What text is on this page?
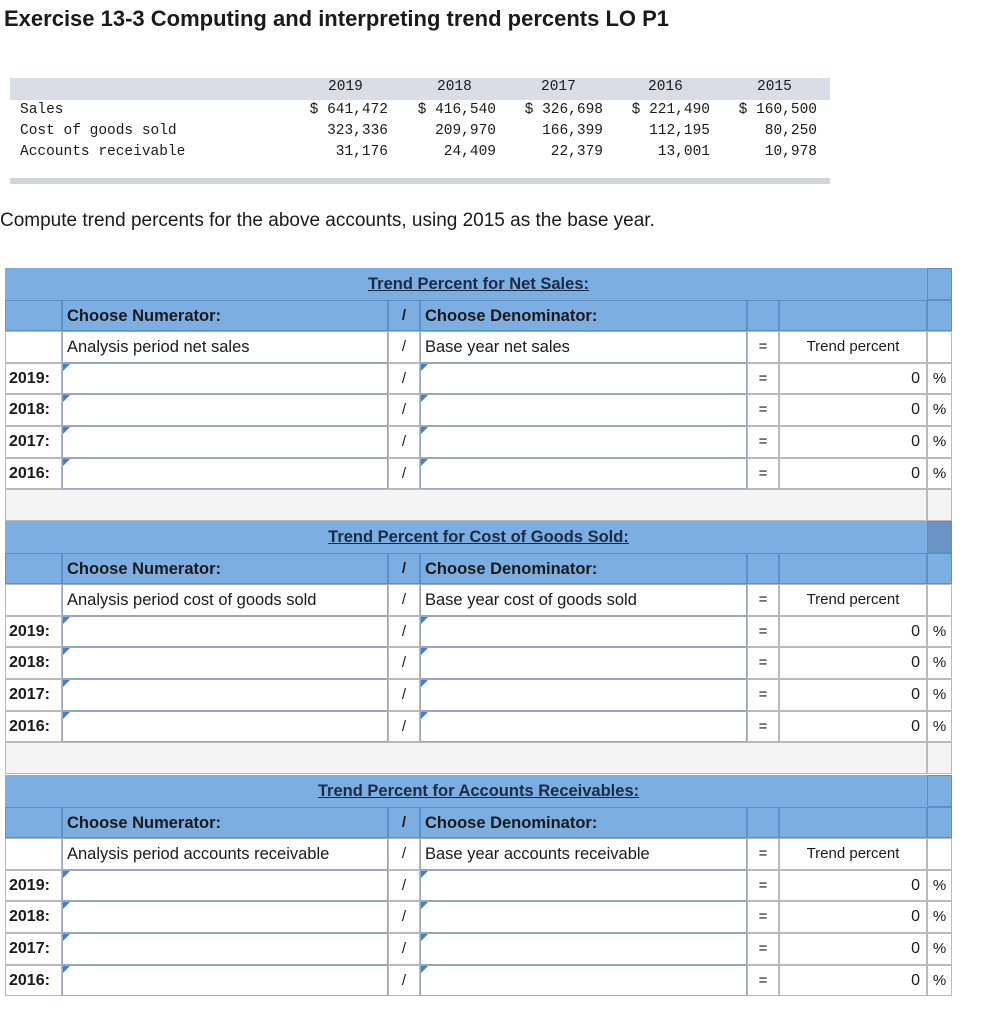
Exercise 13-3 Computing and interpreting trend percents LO P1
2019	2018	2017	2016	2015
Sales	$ 641,472 $ 416,540 $ 326,698 $ 221,490 $ 160,500
Cost of goods sold	323,336	209,970	166,399	112,195	80,250
Accounts receivable	31,176	24,409	22,379	13,001	10,978
Compute trend percents for the above accounts, using 2015 as the base year.
Trend Percent for Net Sales:
Choose Numerator:	/	Choose Denominator:
Analysis period net sales	/	Base year net sales	=	Trend percent
2019:	/	=	0 %
2018:	/	=	0 %
2017:	/	=	0 %
2016:	/	=	0 %
Trend Percent for Cost of Goods Sold:
Choose Numerator:	/	Choose Denominator:
Analysis period cost of goods sold	/	Base year cost of goods sold	=	Trend percent
2019:	/	=	0 %
2018:	/	=	0 %
2017:	/	=	0 %
2016:	/	=	0 %
Trend Percent for Accounts Receivables:
Choose Numerator:	/	Choose Denominator:
Analysis period accounts receivable	/	Base year accounts receivable	=	Trend percent
2019:	/	=	0 %
2018:	/	=	0 %
2017:	/	=	0 %
2016:	/	=	0 %
